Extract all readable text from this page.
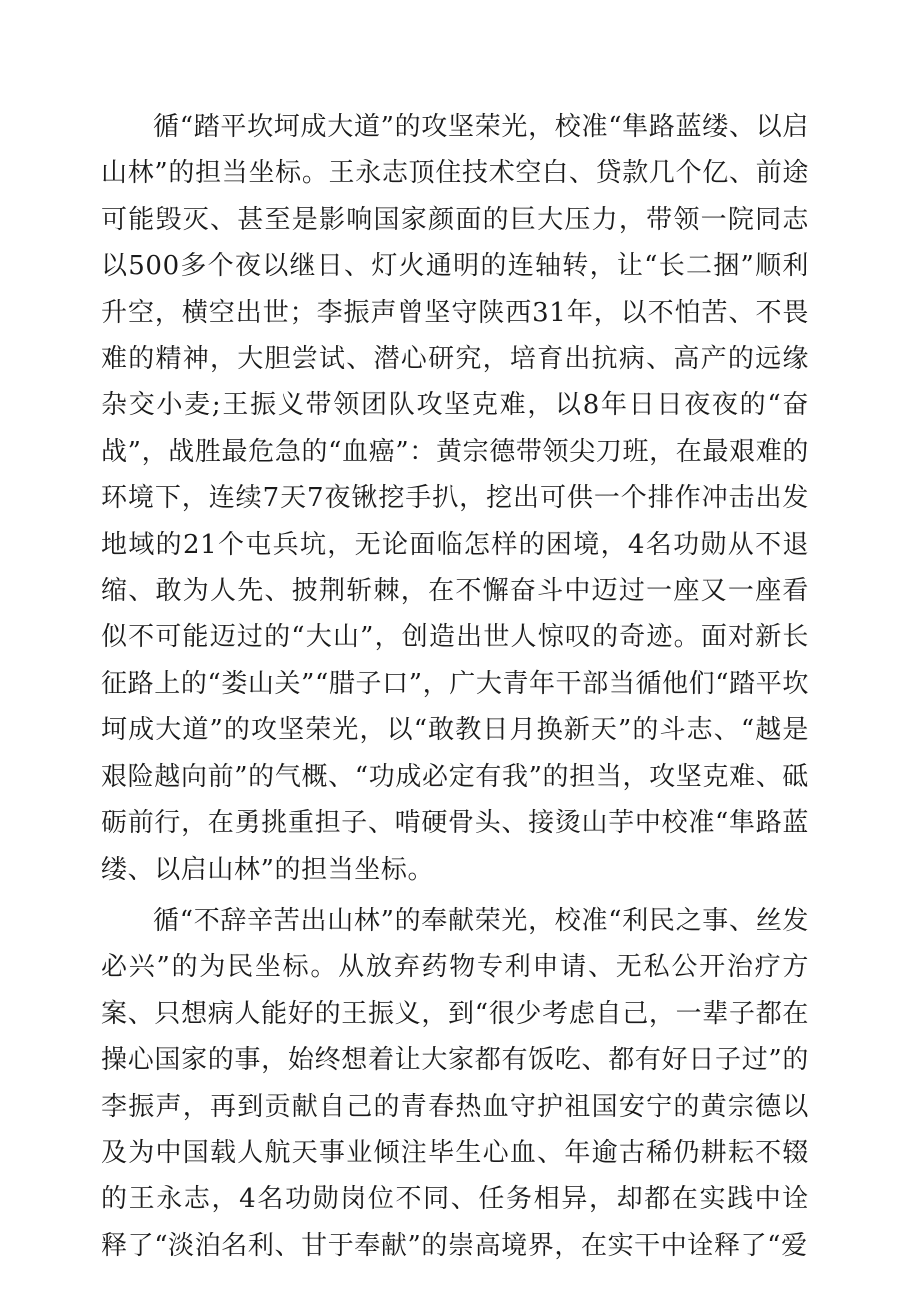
循“踏平坎坷成大道”的攻坚荣光，校准“隼路蓝缕、以启山林”的担当坐标。王永志顶住技术空白、贷款几个亿、前途可能毁灭、甚至是影响国家颜面的巨大压力，带领一院同志以500多个夜以继日、灯火通明的连轴转，让“长二捆”顺利升空，横空出世；李振声曾坚守陕西31年，以不怕苦、不畏难的精神，大胆尝试、潜心研究，培育出抗病、高产的远缘杂交小麦;王振义带领团队攻坚克难，以8年日日夜夜的“奋战”，战胜最危急的“血癌”：黄宗德带领尖刀班，在最艰难的环境下，连续7天7夜锹挖手扒，挖出可供一个排作冲击出发地域的21个屯兵坑，无论面临怎样的困境，4名功勋从不退缩、敢为人先、披荆斩棘，在不懈奋斗中迈过一座又一座看似不可能迈过的“大山”，创造出世人惊叹的奇迹。面对新长征路上的“娄山关”“腊子口”，广大青年干部当循他们“踏平坎坷成大道”的攻坚荣光，以“敢教日月换新天”的斗志、“越是艰险越向前”的气概、“功成必定有我”的担当，攻坚克难、砥砺前行，在勇挑重担子、啃硬骨头、接烫山芋中校准“隼路蓝缕、以启山林”的担当坐标。

循“不辞辛苦出山林”的奉献荣光，校准“利民之事、丝发必兴”的为民坐标。从放弃药物专利申请、无私公开治疗方案、只想病人能好的王振义，到“很少考虑自己，一辈子都在操心国家的事，始终想着让大家都有饭吃、都有好日子过”的李振声，再到贡献自己的青春热血守护祖国安宁的黄宗德以及为中国载人航天事业倾注毕生心血、年逾古稀仍耕耘不辍的王永志，4名功勋岗位不同、任务相异，却都在实践中诠释了“淡泊名利、甘于奉献”的崇高境界，在实干中诠释了“爱
